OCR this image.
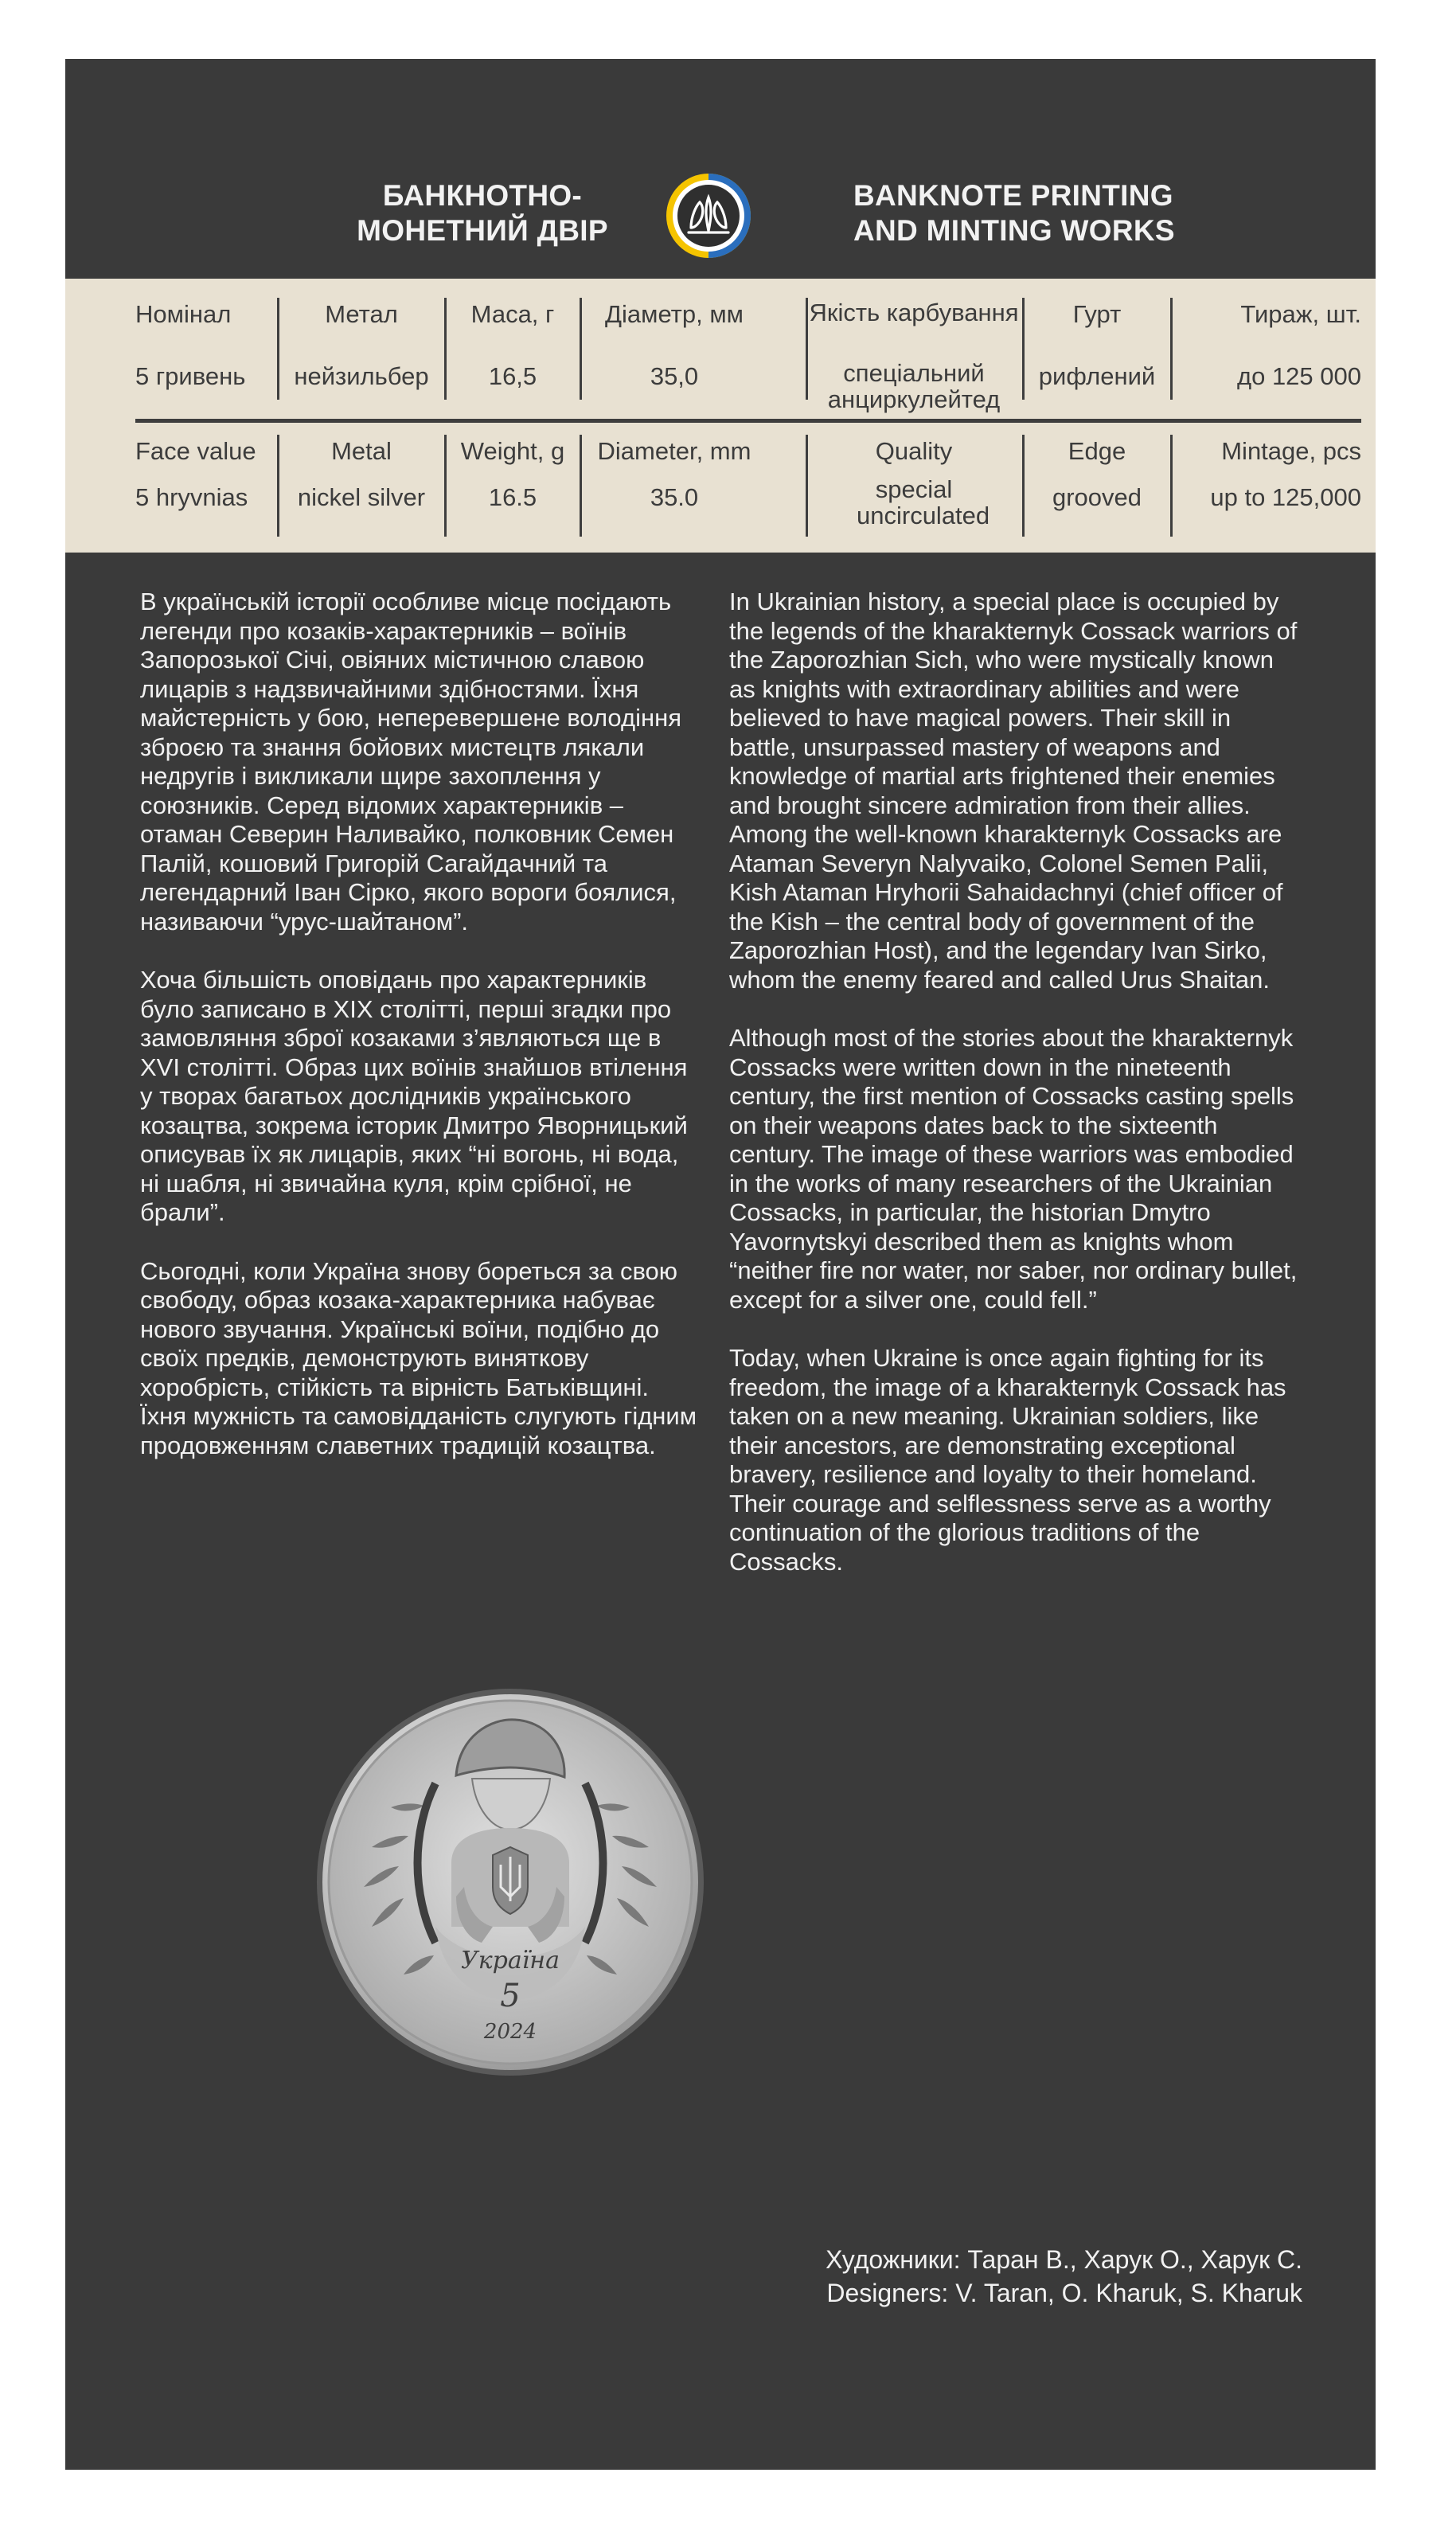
БАНКНОТНО-
МОНЕТНИЙ ДВІР
BANKNOTE PRINTING
AND MINTING WORKS
Номінал
5 гривень
Метал
нейзильбер
Маса, г
16,5
Діаметр, мм
35,0
Якість карбування
спеціальний анциркулейтед
Гурт
рифлений
Тираж, шт.
до 125 000
Face value
5 hryvnias
Metal
nickel silver
Weight, g
16.5
Diameter, mm
35.0
Quality
special uncirculated
Edge
grooved
Mintage, pcs
up to 125,000

В українській історії особливе місце посідають легенди про козаків-характерників – воїнів Запорозької Січі, овіяних містичною славою лицарів з надзвичайними здібностями. Їхня майстерність у бою, неперевершене володіння зброєю та знання бойових мистецтв лякали недругів і викликали щире захоплення у союзників. Серед відомих характерників – отаман Северин Наливайко, полковник Семен Палій, кошовий Григорій Сагайдачний та легендарний Іван Сірко, якого вороги боялися, називаючи “урус-шайтаном”.

Хоча більшість оповідань про характерників було записано в XIX столітті, перші згадки про замовляння зброї козаками з’являються ще в XVI столітті. Образ цих воїнів знайшов втілення у творах багатьох дослідників українського козацтва, зокрема історик Дмитро Яворницький описував їх як лицарів, яких “ні вогонь, ні вода, ні шабля, ні звичайна куля, крім срібної, не брали”.

Сьогодні, коли Україна знову бореться за свою свободу, образ козака-характерника набуває нового звучання. Українські воїни, подібно до своїх предків, демонструють виняткову хоробрість, стійкість та вірність Батьківщині. Їхня мужність та самовідданість слугують гідним продовженням славетних традицій козацтва.

In Ukrainian history, a special place is occupied by the legends of the kharakternyk Cossack warriors of the Zaporozhian Sich, who were mystically known as knights with extraordinary abilities and were believed to have magical powers. Their skill in battle, unsurpassed mastery of weapons and knowledge of martial arts frightened their enemies and brought sincere admiration from their allies. Among the well-known kharakternyk Cossacks are Ataman Severyn Nalyvaiko, Colonel Semen Palii, Kish Ataman Hryhorii Sahaidachnyi (chief officer of the Kish – the central body of government of the Zaporozhian Host), and the legendary Ivan Sirko, whom the enemy feared and called Urus Shaitan.

Although most of the stories about the kharakternyk Cossacks were written down in the nineteenth century, the first mention of Cossacks casting spells on their weapons dates back to the sixteenth century. The image of these warriors was embodied in the works of many researchers of the Ukrainian Cossacks, in particular, the historian Dmytro Yavornytskyi described them as knights whom “neither fire nor water, nor saber, nor ordinary bullet, except for a silver one, could fell.”

Today, when Ukraine is once again fighting for its freedom, the image of a kharakternyk Cossack has taken on a new meaning. Ukrainian soldiers, like their ancestors, are demonstrating exceptional bravery, resilience and loyalty to their homeland. Their courage and selflessness serve as a worthy continuation of the glorious traditions of the Cossacks.

Україна
5
2024
Художники: Таран В., Харук О., Харук С.
Designers: V. Taran, O. Kharuk, S. Kharuk
